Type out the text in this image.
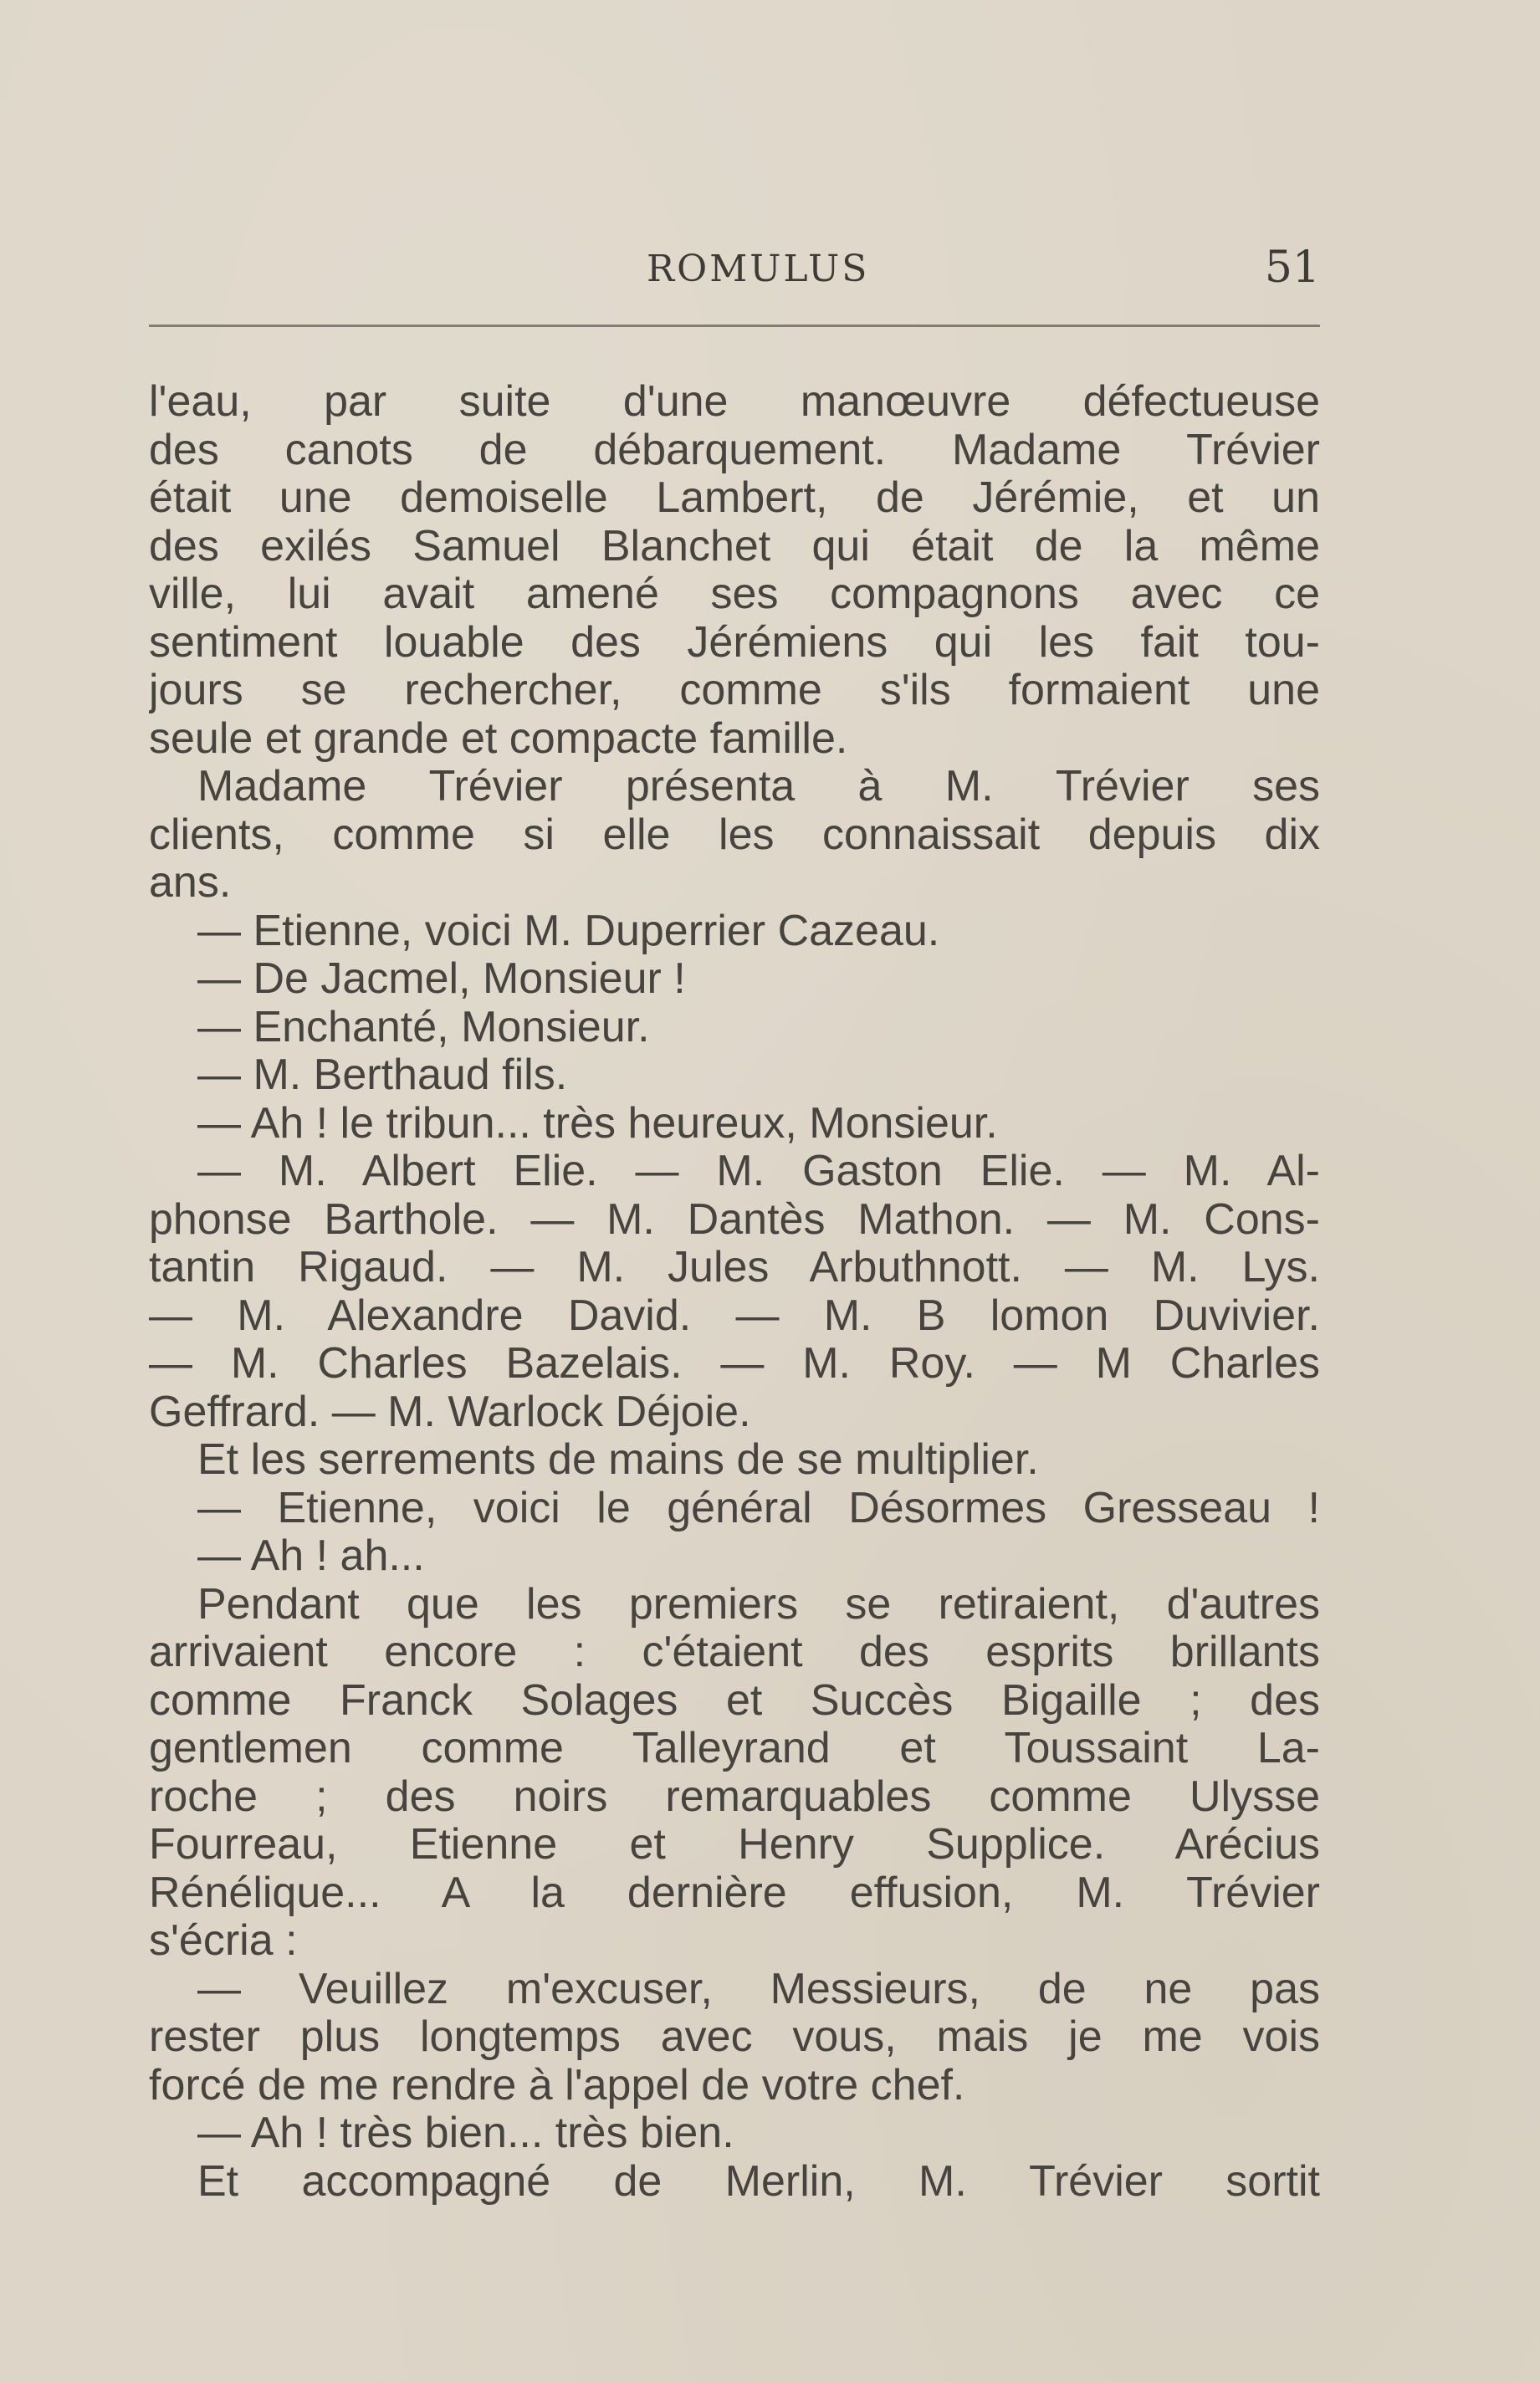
ROMULUS	51
l'eau, par suite d'une manœuvre défectueuse
des canots de débarquement. Madame Trévier
était une demoiselle Lambert, de Jérémie, et un
des exilés Samuel Blanchet qui était de la même
ville, lui avait amené ses compagnons avec ce
sentiment louable des Jérémiens qui les fait tou-
jours se rechercher, comme s'ils formaient une
seule et grande et compacte famille.
Madame Trévier présenta à M. Trévier ses
clients, comme si elle les connaissait depuis dix
ans.
— Etienne, voici M. Duperrier Cazeau.
— De Jacmel, Monsieur !
— Enchanté, Monsieur.
— M. Berthaud fils.
— Ah ! le tribun... très heureux, Monsieur.
— M. Albert Elie. — M. Gaston Elie. — M. Al-
phonse Barthole. — M. Dantès Mathon. — M. Cons-
tantin Rigaud. — M. Jules Arbuthnott. — M. Lys.
— M. Alexandre David. — M. B lomon Duvivier.
— M. Charles Bazelais. — M. Roy. — M Charles
Geffrard. — M. Warlock Déjoie.
Et les serrements de mains de se multiplier.
— Etienne, voici le général Désormes Gresseau !
— Ah ! ah...
Pendant que les premiers se retiraient, d'autres
arrivaient encore : c'étaient des esprits brillants
comme Franck Solages et Succès Bigaille ; des
gentlemen comme Talleyrand et Toussaint La-
roche ; des noirs remarquables comme Ulysse
Fourreau, Etienne et Henry Supplice. Arécius
Rénélique... A la dernière effusion, M. Trévier
s'écria :
— Veuillez m'excuser, Messieurs, de ne pas
rester plus longtemps avec vous, mais je me vois
forcé de me rendre à l'appel de votre chef.
— Ah ! très bien... très bien.
Et accompagné de Merlin, M. Trévier sortit
